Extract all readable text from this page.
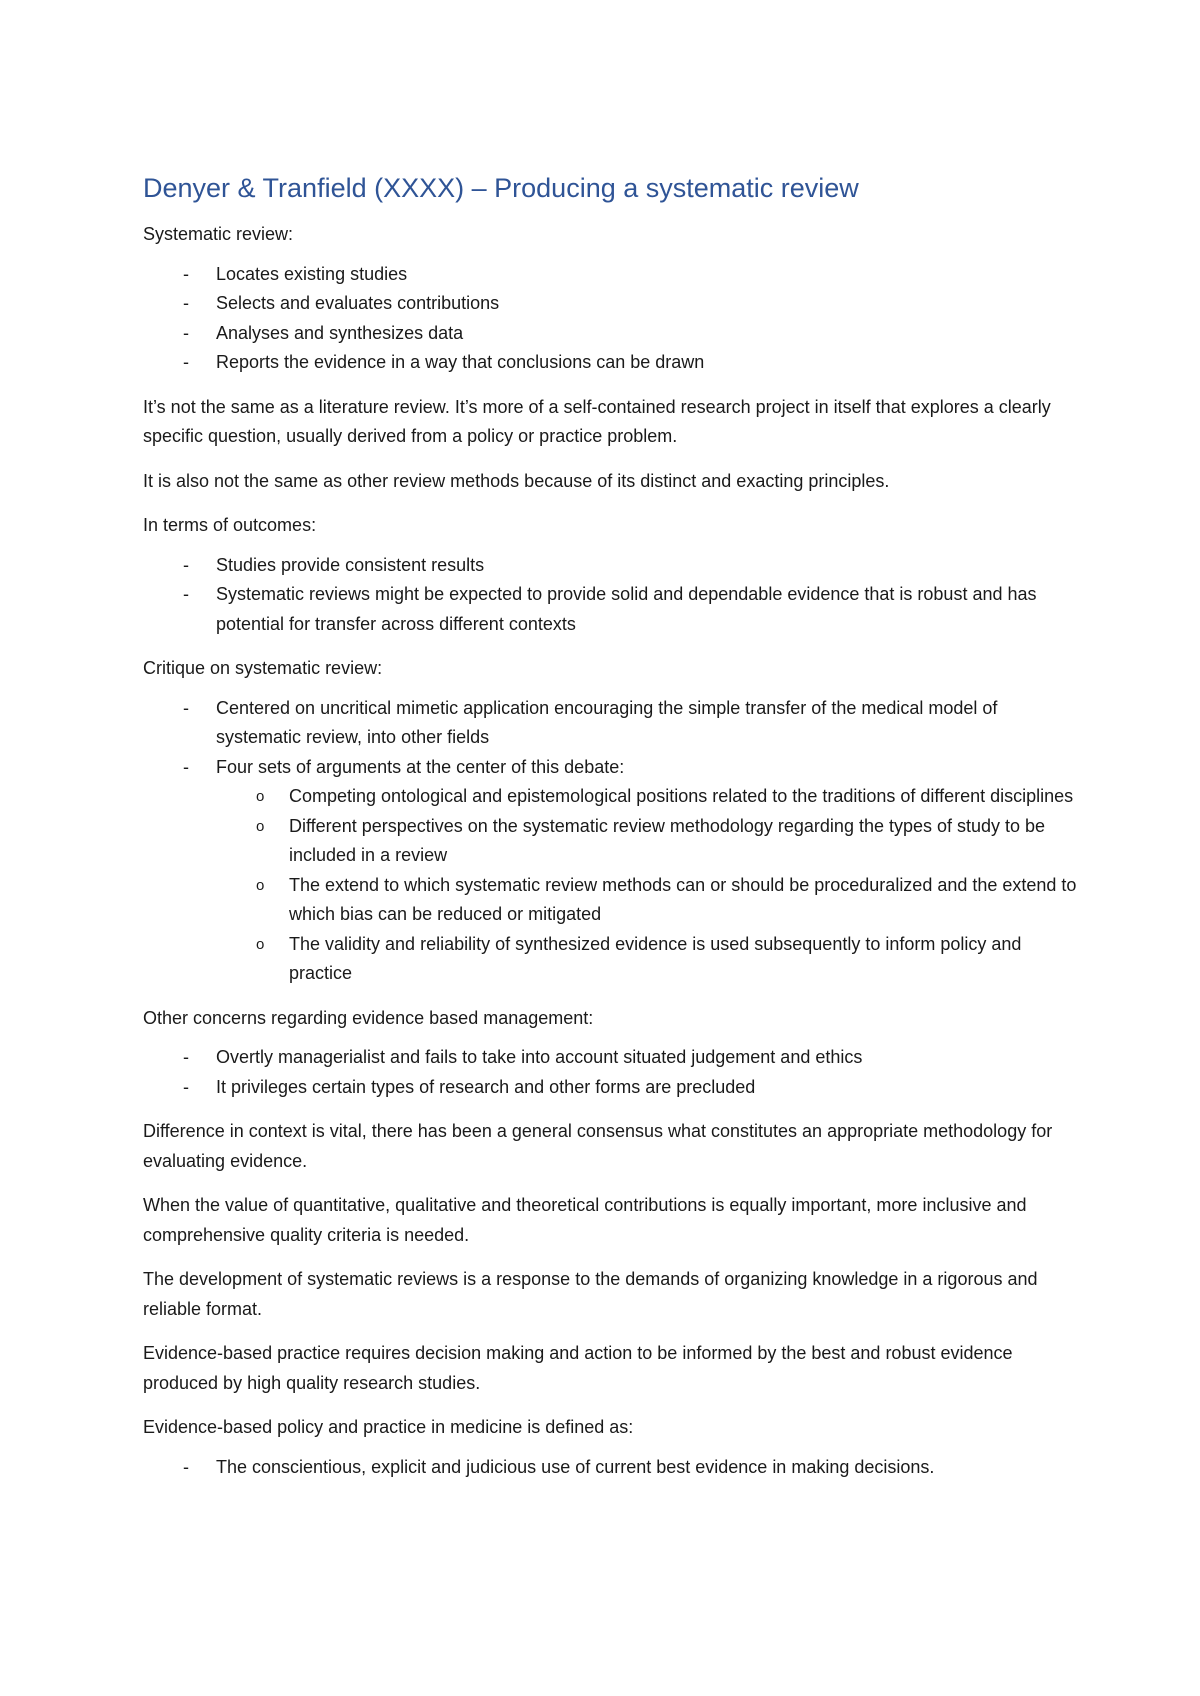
Denyer & Tranfield (XXXX) – Producing a systematic review

Systematic review:

- Locates existing studies
- Selects and evaluates contributions
- Analyses and synthesizes data
- Reports the evidence in a way that conclusions can be drawn

It’s not the same as a literature review. It’s more of a self-contained research project in itself that explores a clearly specific question, usually derived from a policy or practice problem.

It is also not the same as other review methods because of its distinct and exacting principles.

In terms of outcomes:

- Studies provide consistent results
- Systematic reviews might be expected to provide solid and dependable evidence that is robust and has potential for transfer across different contexts

Critique on systematic review:

- Centered on uncritical mimetic application encouraging the simple transfer of the medical model of systematic review, into other fields
- Four sets of arguments at the center of this debate:
o Competing ontological and epistemological positions related to the traditions of different disciplines
o Different perspectives on the systematic review methodology regarding the types of study to be included in a review
o The extend to which systematic review methods can or should be proceduralized and the extend to which bias can be reduced or mitigated
o The validity and reliability of synthesized evidence is used subsequently to inform policy and practice

Other concerns regarding evidence based management:

- Overtly managerialist and fails to take into account situated judgement and ethics
- It privileges certain types of research and other forms are precluded

Difference in context is vital, there has been a general consensus what constitutes an appropriate methodology for evaluating evidence.

When the value of quantitative, qualitative and theoretical contributions is equally important, more inclusive and comprehensive quality criteria is needed.

The development of systematic reviews is a response to the demands of organizing knowledge in a rigorous and reliable format.

Evidence-based practice requires decision making and action to be informed by the best and robust evidence produced by high quality research studies.

Evidence-based policy and practice in medicine is defined as:

- The conscientious, explicit and judicious use of current best evidence in making decisions.
